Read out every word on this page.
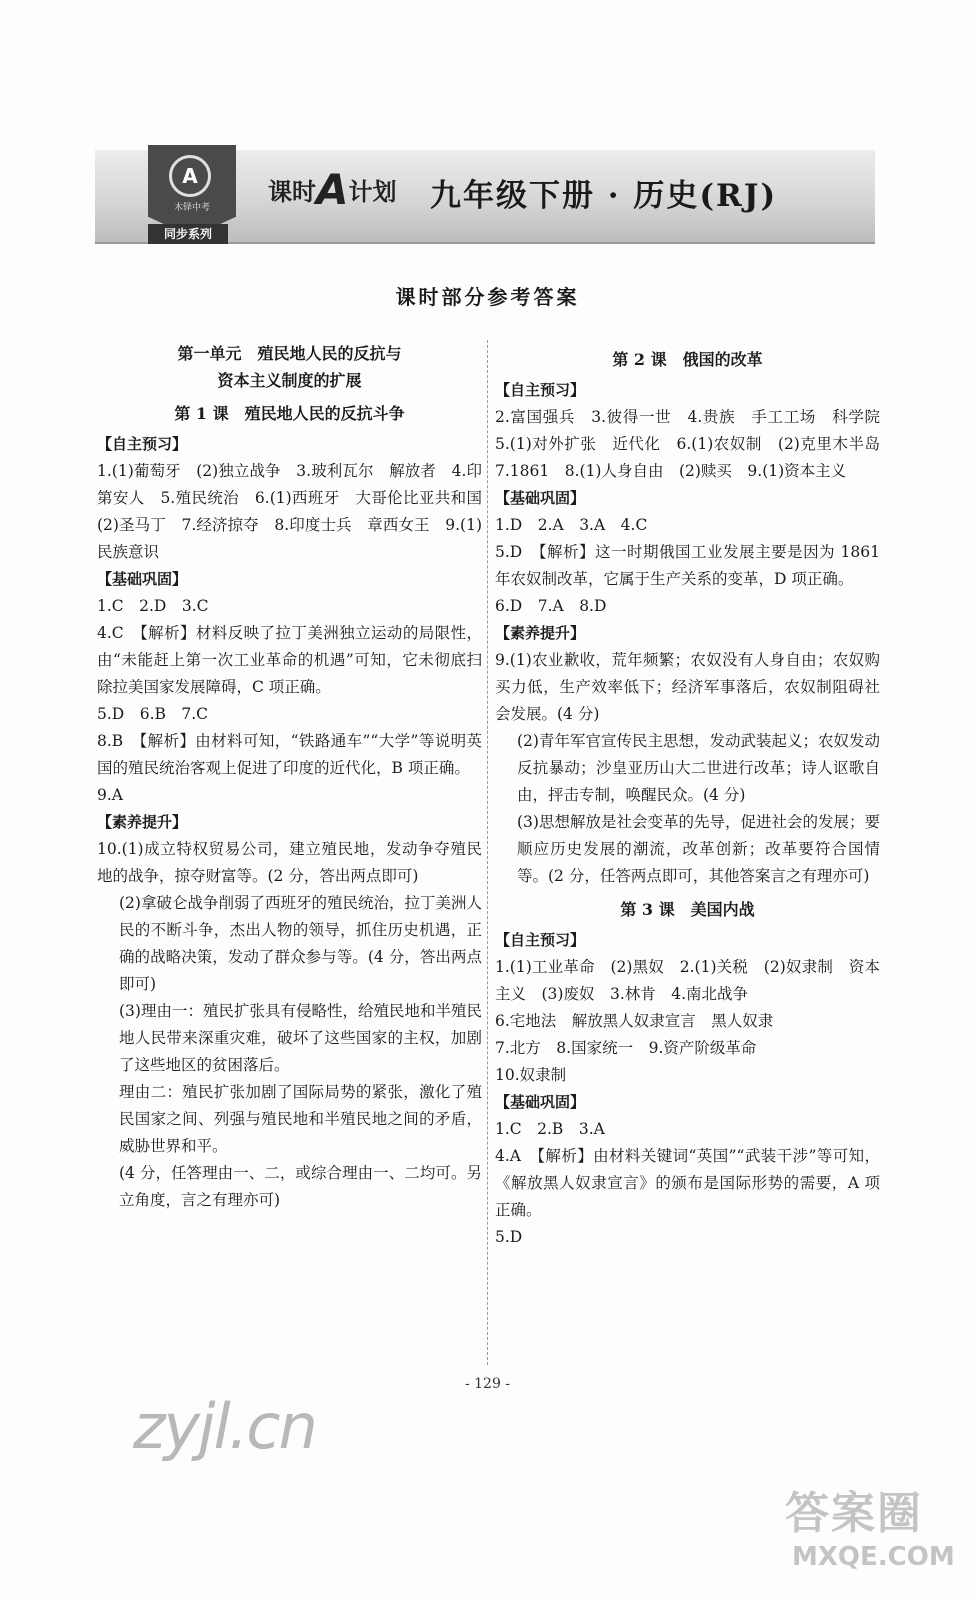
A
木铎中考
同步系列
课时A计划 九年级下册 · 历史(RJ)
课时部分参考答案

第一单元　殖民地人民的反抗与

资本主义制度的扩展

第 1 课　殖民地人民的反抗斗争

【自主预习】

1.(1)葡萄牙　(2)独立战争　3.玻利瓦尔　解放者　4.印第安人　5.殖民统治　6.(1)西班牙　大哥伦比亚共和国　(2)圣马丁　7.经济掠夺　8.印度士兵　章西女王　9.(1)民族意识

【基础巩固】

1.C　2.D　3.C

4.C　【解析】材料反映了拉丁美洲独立运动的局限性，由“未能赶上第一次工业革命的机遇”可知，它未彻底扫除拉美国家发展障碍，C 项正确。

5.D　6.B　7.C

8.B　【解析】由材料可知，“铁路通车”“大学”等说明英国的殖民统治客观上促进了印度的近代化，B 项正确。

9.A

【素养提升】

10.(1)成立特权贸易公司，建立殖民地，发动争夺殖民地的战争，掠夺财富等。(2 分，答出两点即可)

(2)拿破仑战争削弱了西班牙的殖民统治，拉丁美洲人民的不断斗争，杰出人物的领导，抓住历史机遇，正确的战略决策，发动了群众参与等。(4 分，答出两点即可)

(3)理由一：殖民扩张具有侵略性，给殖民地和半殖民地人民带来深重灾难，破坏了这些国家的主权，加剧了这些地区的贫困落后。

理由二：殖民扩张加剧了国际局势的紧张，激化了殖民国家之间、列强与殖民地和半殖民地之间的矛盾，威胁世界和平。

(4 分，任答理由一、二，或综合理由一、二均可。另立角度，言之有理亦可)

第 2 课　俄国的改革

【自主预习】

2.富国强兵　3.彼得一世　4.贵族　手工工场　科学院　5.(1)对外扩张　近代化　6.(1)农奴制　(2)克里木半岛　7.1861　8.(1)人身自由　(2)赎买　9.(1)资本主义

【基础巩固】

1.D　2.A　3.A　4.C

5.D　【解析】这一时期俄国工业发展主要是因为 1861 年农奴制改革，它属于生产关系的变革，D 项正确。

6.D　7.A　8.D

【素养提升】

9.(1)农业歉收，荒年频繁；农奴没有人身自由；农奴购买力低，生产效率低下；经济军事落后，农奴制阻碍社会发展。(4 分)

(2)青年军官宣传民主思想，发动武装起义；农奴发动反抗暴动；沙皇亚历山大二世进行改革；诗人讴歌自由，抨击专制，唤醒民众。(4 分)

(3)思想解放是社会变革的先导，促进社会的发展；要顺应历史发展的潮流，改革创新；改革要符合国情等。(2 分，任答两点即可，其他答案言之有理亦可)

第 3 课　美国内战

【自主预习】

1.(1)工业革命　(2)黑奴　2.(1)关税　(2)奴隶制　资本主义　(3)废奴　3.林肯　4.南北战争

6.宅地法　解放黑人奴隶宣言　黑人奴隶

7.北方　8.国家统一　9.资产阶级革命

10.奴隶制

【基础巩固】

1.C　2.B　3.A

4.A　【解析】由材料关键词“英国”“武装干涉”等可知，《解放黑人奴隶宣言》的颁布是国际形势的需要，A 项正确。

5.D

- 129 -
zyjl.cn
答案圈
MXQE.COM
